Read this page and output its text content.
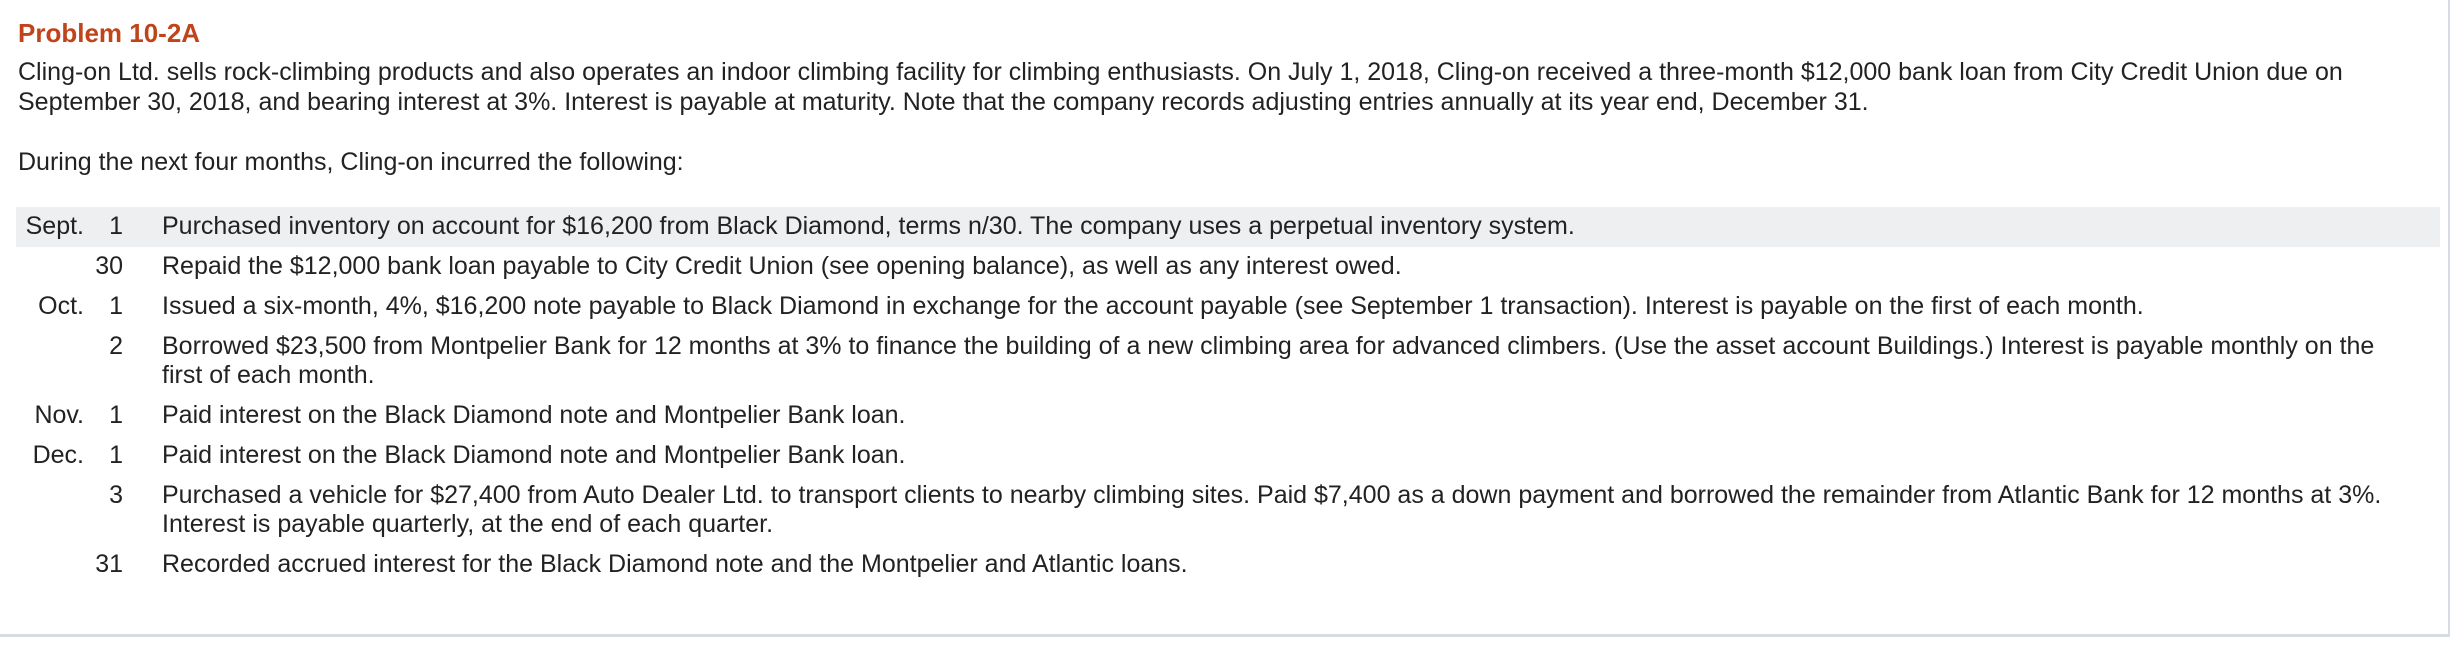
Problem 10-2A
Cling-on Ltd. sells rock-climbing products and also operates an indoor climbing facility for climbing enthusiasts. On July 1, 2018, Cling-on received a three-month $12,000 bank loan from City Credit Union due on September 30, 2018, and bearing interest at 3%. Interest is payable at maturity. Note that the company records adjusting entries annually at its year end, December 31.
During the next four months, Cling-on incurred the following:
Sept.	1	Purchased inventory on account for $16,200 from Black Diamond, terms n/30. The company uses a perpetual inventory system.
30	Repaid the $12,000 bank loan payable to City Credit Union (see opening balance), as well as any interest owed.
Oct.	1	Issued a six-month, 4%, $16,200 note payable to Black Diamond in exchange for the account payable (see September 1 transaction). Interest is payable on the first of each month.
2	Borrowed $23,500 from Montpelier Bank for 12 months at 3% to finance the building of a new climbing area for advanced climbers. (Use the asset account Buildings.) Interest is payable monthly on the first of each month.
Nov.	1	Paid interest on the Black Diamond note and Montpelier Bank loan.
Dec.	1	Paid interest on the Black Diamond note and Montpelier Bank loan.
3	Purchased a vehicle for $27,400 from Auto Dealer Ltd. to transport clients to nearby climbing sites. Paid $7,400 as a down payment and borrowed the remainder from Atlantic Bank for 12 months at 3%. Interest is payable quarterly, at the end of each quarter.
31	Recorded accrued interest for the Black Diamond note and the Montpelier and Atlantic loans.
